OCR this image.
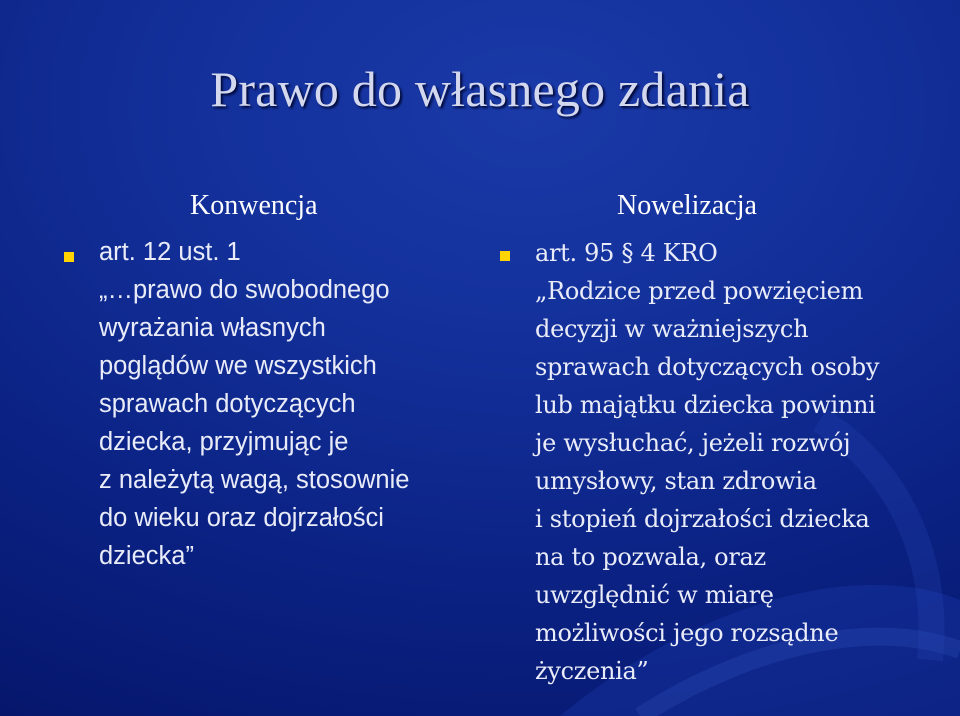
Prawo do własnego zdania
Konwencja	Nowelizacja
art. 12 ust. 1
„…prawo do swobodnego
wyrażania własnych
poglądów we wszystkich
sprawach dotyczących
dziecka, przyjmując je
z należytą wagą, stosownie
do wieku oraz dojrzałości
dziecka”
art. 95 § 4 KRO
„Rodzice przed powzięciem
decyzji w ważniejszych
sprawach dotyczących osoby
lub majątku dziecka powinni
je wysłuchać, jeżeli rozwój
umysłowy, stan zdrowia
i stopień dojrzałości dziecka
na to pozwala, oraz
uwzględnić w miarę
możliwości jego rozsądne
życzenia”
